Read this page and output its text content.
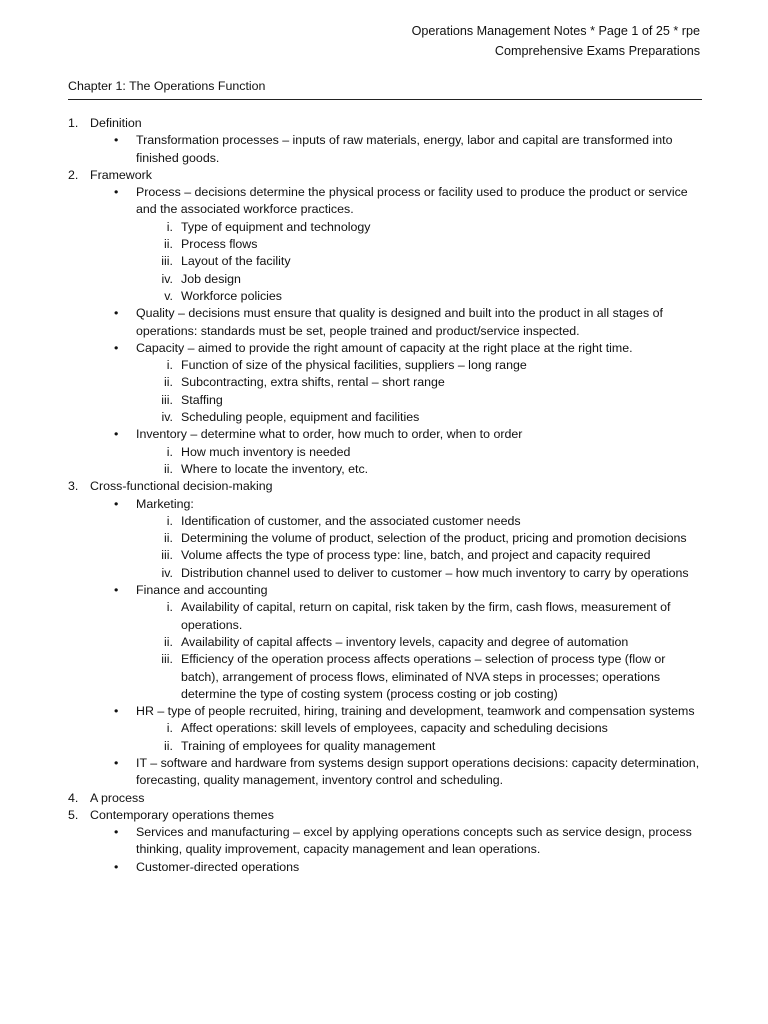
Operations Management Notes * Page 1 of 25 * rpe
Comprehensive Exams Preparations
Chapter 1: The Operations Function
1. Definition
• Transformation processes – inputs of raw materials, energy, labor and capital are transformed into finished goods.
2. Framework
• Process – decisions determine the physical process or facility used to produce the product or service and the associated workforce practices.
i. Type of equipment and technology
ii. Process flows
iii. Layout of the facility
iv. Job design
v. Workforce policies
• Quality – decisions must ensure that quality is designed and built into the product in all stages of operations: standards must be set, people trained and product/service inspected.
• Capacity – aimed to provide the right amount of capacity at the right place at the right time.
i. Function of size of the physical facilities, suppliers – long range
ii. Subcontracting, extra shifts, rental – short range
iii. Staffing
iv. Scheduling people, equipment and facilities
• Inventory – determine what to order, how much to order, when to order
i. How much inventory is needed
ii. Where to locate the inventory, etc.
3. Cross-functional decision-making
• Marketing:
i. Identification of customer, and the associated customer needs
ii. Determining the volume of product, selection of the product, pricing and promotion decisions
iii. Volume affects the type of process type: line, batch, and project and capacity required
iv. Distribution channel used to deliver to customer – how much inventory to carry by operations
• Finance and accounting
i. Availability of capital, return on capital, risk taken by the firm, cash flows, measurement of operations.
ii. Availability of capital affects – inventory levels, capacity and degree of automation
iii. Efficiency of the operation process affects operations – selection of process type (flow or batch), arrangement of process flows, eliminated of NVA steps in processes; operations determine the type of costing system (process costing or job costing)
• HR – type of people recruited, hiring, training and development, teamwork and compensation systems
i. Affect operations: skill levels of employees, capacity and scheduling decisions
ii. Training of employees for quality management
• IT – software and hardware from systems design support operations decisions: capacity determination, forecasting, quality management, inventory control and scheduling.
4. A process
5. Contemporary operations themes
• Services and manufacturing – excel by applying operations concepts such as service design, process thinking, quality improvement, capacity management and lean operations.
• Customer-directed operations
